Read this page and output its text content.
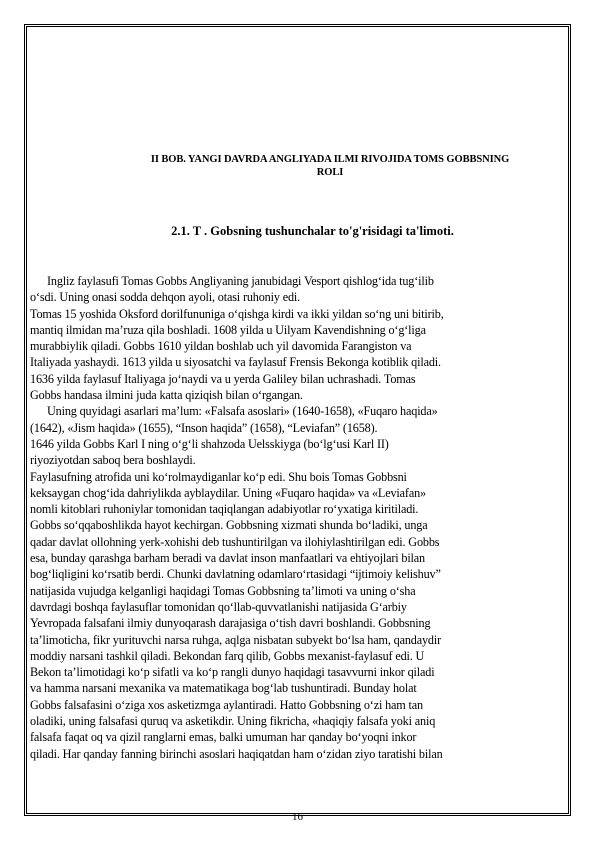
II BOB. YANGI DAVRDA ANGLIYADA ILMI RIVOJIDA TOMS GOBBSNING
ROLI
2.1. T . Gobsning tushunchalar to'g'risidagi ta'limoti.
Ingliz faylasufi Tomas Gobbs Angliyaning janubidagi Vesport qishlog‘ida tug‘ilib
o‘sdi. Uning onasi sodda dehqon ayoli, otasi ruhoniy edi.
Tomas 15 yoshida Oksford dorilfununiga o‘qishga kirdi va ikki yildan so‘ng uni bitirib,
mantiq ilmidan ma’ruza qila boshladi. 1608 yilda u Uilyam Kavendishning o‘g‘liga
murabbiylik qiladi. Gobbs 1610 yildan boshlab uch yil davomida Farangiston va
Italiyada yashaydi. 1613 yilda u siyosatchi va faylasuf Frensis Bekonga kotiblik qiladi.
1636 yilda faylasuf Italiyaga jo‘naydi va u yerda Galiley bilan uchrashadi. Tomas
Gobbs handasa ilmini juda katta qiziqish bilan o‘rgangan.
Uning quyidagi asarlari ma’lum: «Falsafa asoslari» (1640-1658), «Fuqaro haqida»
(1642), «Jism haqida» (1655), “Inson haqida” (1658), “Leviafan” (1658).
1646 yilda Gobbs Karl I ning o‘g‘li shahzoda Uelsskiyga (bo‘lg‘usi Karl II)
riyoziyotdan saboq bera boshlaydi.
Faylasufning atrofida uni ko‘rolmaydiganlar ko‘p edi. Shu bois Tomas Gobbsni
keksaygan chog‘ida dahriylikda ayblaydilar. Uning «Fuqaro haqida» va «Leviafan»
nomli kitoblari ruhoniylar tomonidan taqiqlangan adabiyotlar ro‘yxatiga kiritiladi.
Gobbs so‘qqaboshlikda hayot kechirgan. Gobbsning xizmati shunda bo‘ladiki, unga
qadar davlat ollohning yerk-xohishi deb tushuntirilgan va ilohiylashtirilgan edi. Gobbs
esa, bunday qarashga barham beradi va davlat inson manfaatlari va ehtiyojlari bilan
bog‘liqligini ko‘rsatib berdi. Chunki davlatning odamlaro‘rtasidagi “ijtimoiy kelishuv”
natijasida vujudga kelganligi haqidagi Tomas Gobbsning ta’limoti va uning o‘sha
davrdagi boshqa faylasuflar tomonidan qo‘llab-quvvatlanishi natijasida G‘arbiy
Yevropada falsafani ilmiy dunyoqarash darajasiga o‘tish davri boshlandi. Gobbsning
ta’limoticha, fikr yurituvchi narsa ruhga, aqlga nisbatan subyekt bo‘lsa ham, qandaydir
moddiy narsani tashkil qiladi. Bekondan farq qilib, Gobbs mexanist-faylasuf edi. U
Bekon ta’limotidagi ko‘p sifatli va ko‘p rangli dunyo haqidagi tasavvurni inkor qiladi
va hamma narsani mexanika va matematikaga bog‘lab tushuntiradi. Bunday holat
Gobbs falsafasini o‘ziga xos asketizmga aylantiradi. Hatto Gobbsning o‘zi ham tan
oladiki, uning falsafasi quruq va asketikdir. Uning fikricha, «haqiqiy falsafa yoki aniq
falsafa faqat oq va qizil ranglarni emas, balki umuman har qanday bo‘yoqni inkor
qiladi. Har qanday fanning birinchi asoslari haqiqatdan ham o‘zidan ziyo taratishi bilan
16
